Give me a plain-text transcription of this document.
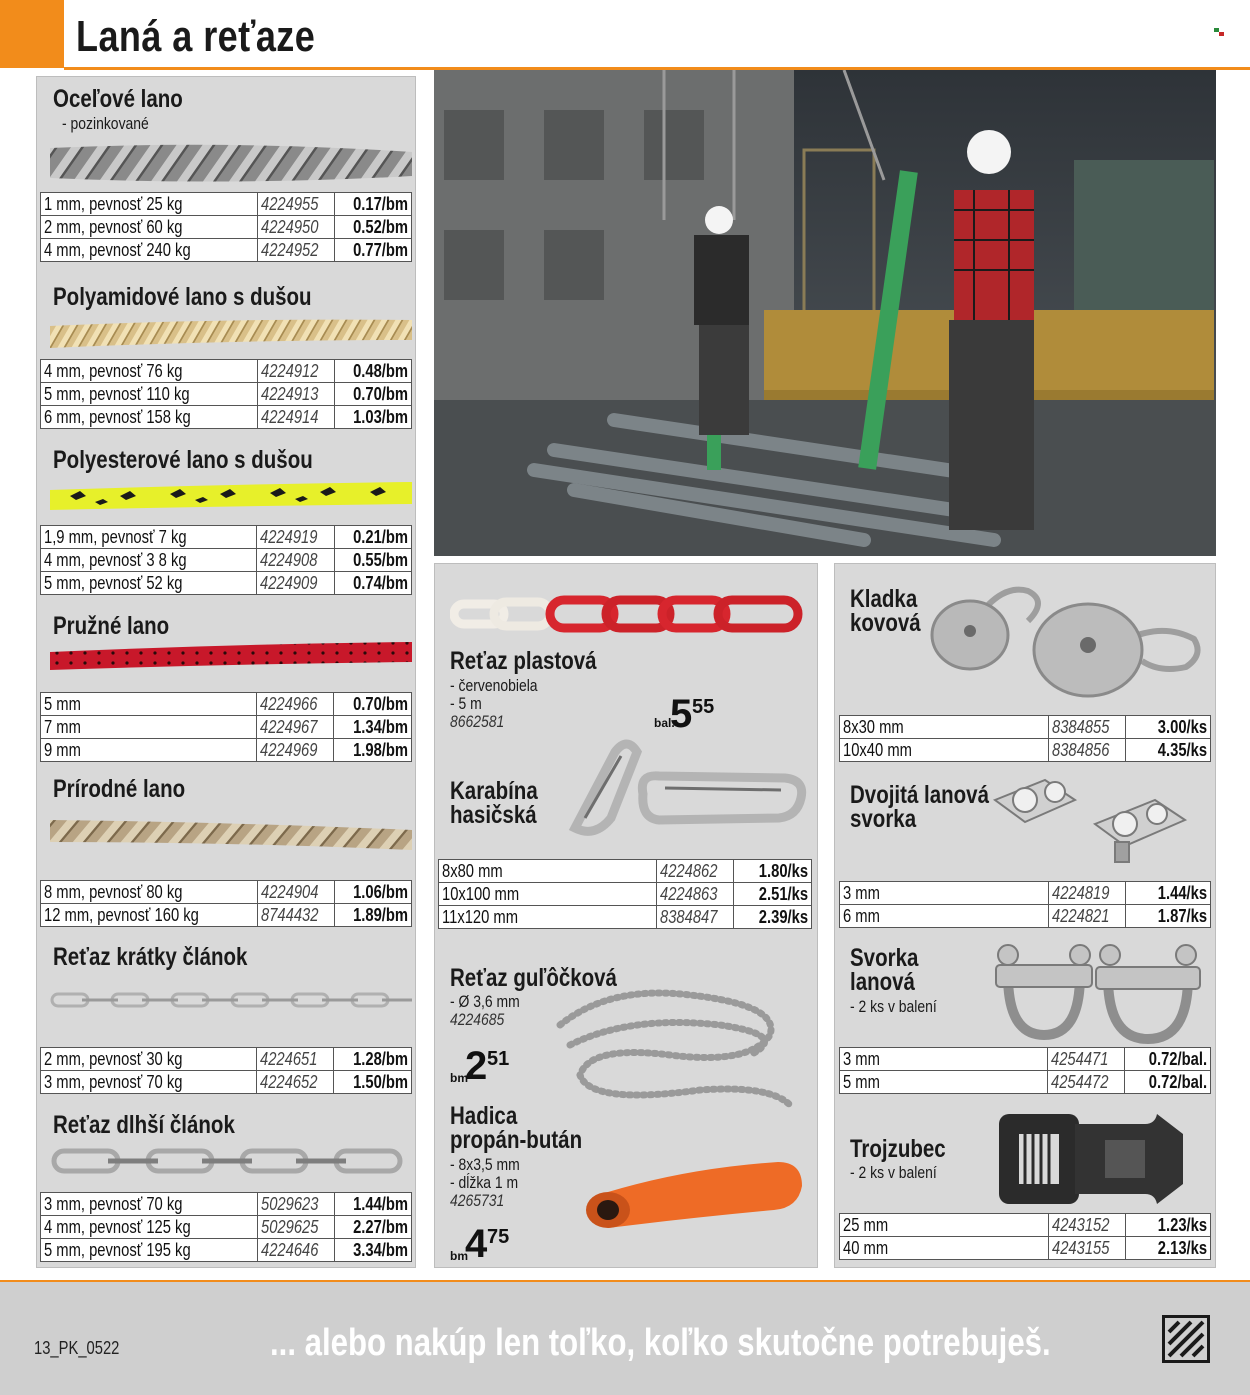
Laná a reťaze
Oceľové lano
- pozinkované
1 mm, pevnosť 25 kg	4224955	0.17/bm
2 mm, pevnosť 60 kg	4224950	0.52/bm
4 mm, pevnosť 240 kg	4224952	0.77/bm
Polyamidové lano s dušou
4 mm, pevnosť 76 kg	4224912	0.48/bm
5 mm, pevnosť 110 kg	4224913	0.70/bm
6 mm, pevnosť 158 kg	4224914	1.03/bm
Polyesterové lano s dušou
1,9 mm, pevnosť 7 kg	4224919	0.21/bm
4 mm, pevnosť 3 8 kg	4224908	0.55/bm
5 mm, pevnosť 52 kg	4224909	0.74/bm
Pružné lano
5 mm	4224966	0.70/bm
7 mm	4224967	1.34/bm
9 mm	4224969	1.98/bm
Prírodné lano
8 mm, pevnosť 80 kg	4224904	1.06/bm
12 mm, pevnosť 160 kg	8744432	1.89/bm
Reťaz krátky článok
2 mm, pevnosť 30 kg	4224651	1.28/bm
3 mm, pevnosť 70 kg	4224652	1.50/bm
Reťaz dlhší článok
3 mm, pevnosť 70 kg	5029623	1.44/bm
4 mm, pevnosť 125 kg	5029625	2.27/bm
5 mm, pevnosť 195 kg	4224646	3.34/bm
Reťaz plastová
- červenobiela
- 5 m
8662581	bal.
5 55
Karabína
hasičská
8x80 mm	4224862	1.80/ks
10x100 mm	4224863	2.51/ks
11x120 mm	8384847	2.39/ks
Reťaz guľôčková
- Ø 3,6 mm
4224685
bm
2 51
Hadica
propán-bután
- 8x3,5 mm
- dĺžka 1 m
4265731
bm
4 75
Kladka
kovová
8x30 mm	8384855	3.00/ks
10x40 mm	8384856	4.35/ks
Dvojitá lanová
svorka
3 mm	4224819	1.44/ks
6 mm	4224821	1.87/ks
Svorka
lanová
- 2 ks v balení
3 mm	4254471	0.72/bal.
5 mm	4254472	0.72/bal.
Trojzubec
- 2 ks v balení
25 mm	4243152	1.23/ks
40 mm	4243155	2.13/ks
13_PK_0522	... alebo nakúp len toľko, koľko skutočne potrebuješ.
